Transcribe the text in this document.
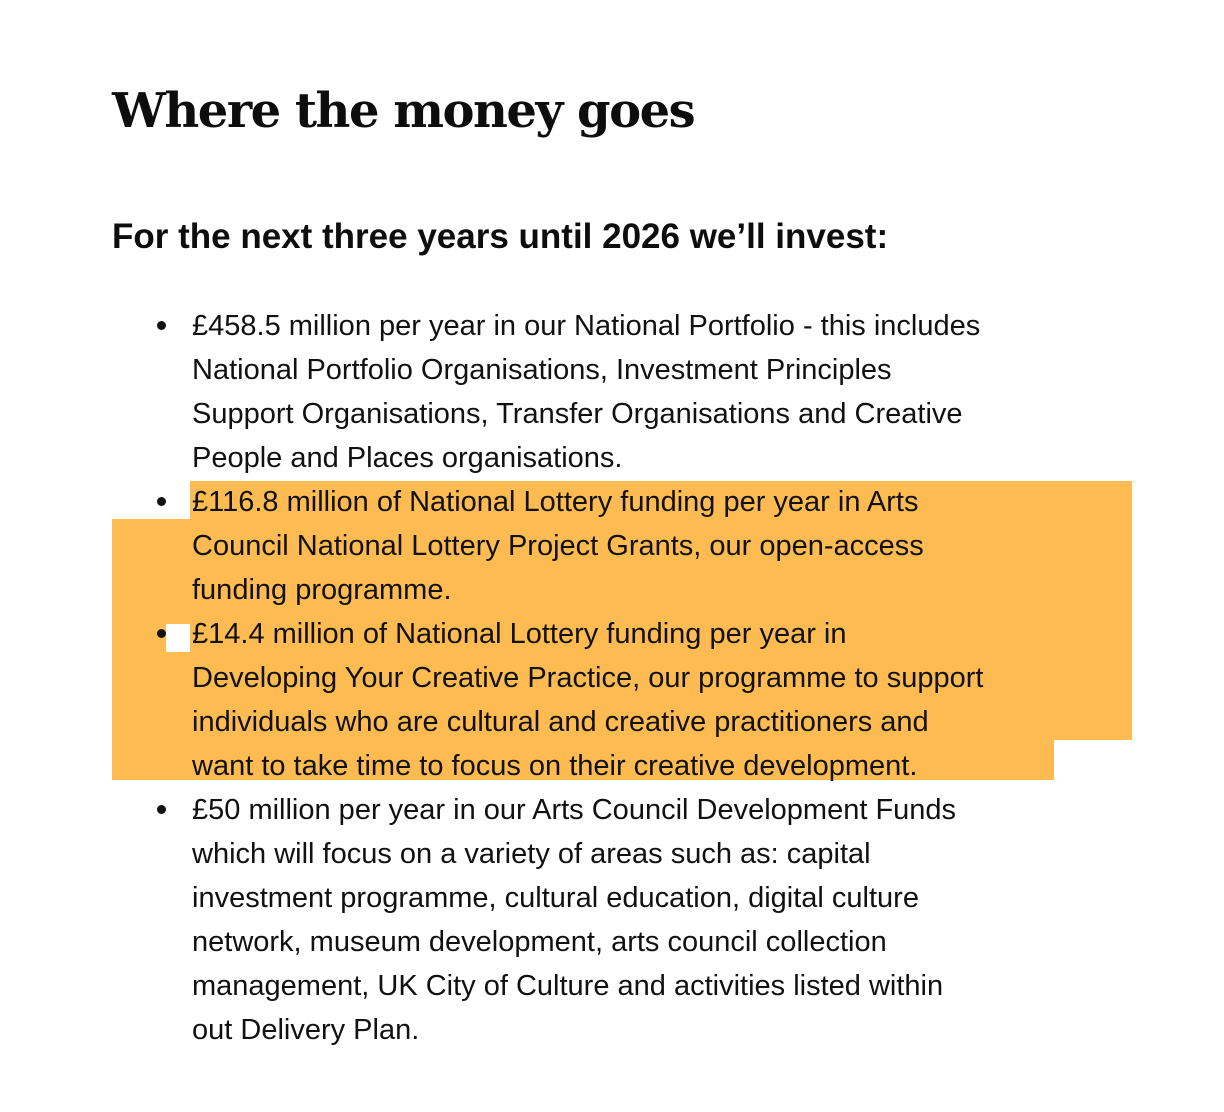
Where the money goes
For the next three years until 2026 we’ll invest:
£458.5 million per year in our National Portfolio - this includes
National Portfolio Organisations, Investment Principles
Support Organisations, Transfer Organisations and Creative
People and Places organisations.
£116.8 million of National Lottery funding per year in Arts
Council National Lottery Project Grants, our open-access
funding programme.
£14.4 million of National Lottery funding per year in
Developing Your Creative Practice, our programme to support
individuals who are cultural and creative practitioners and
want to take time to focus on their creative development.
£50 million per year in our Arts Council Development Funds
which will focus on a variety of areas such as: capital
investment programme, cultural education, digital culture
network, museum development, arts council collection
management, UK City of Culture and activities listed within
out Delivery Plan.
